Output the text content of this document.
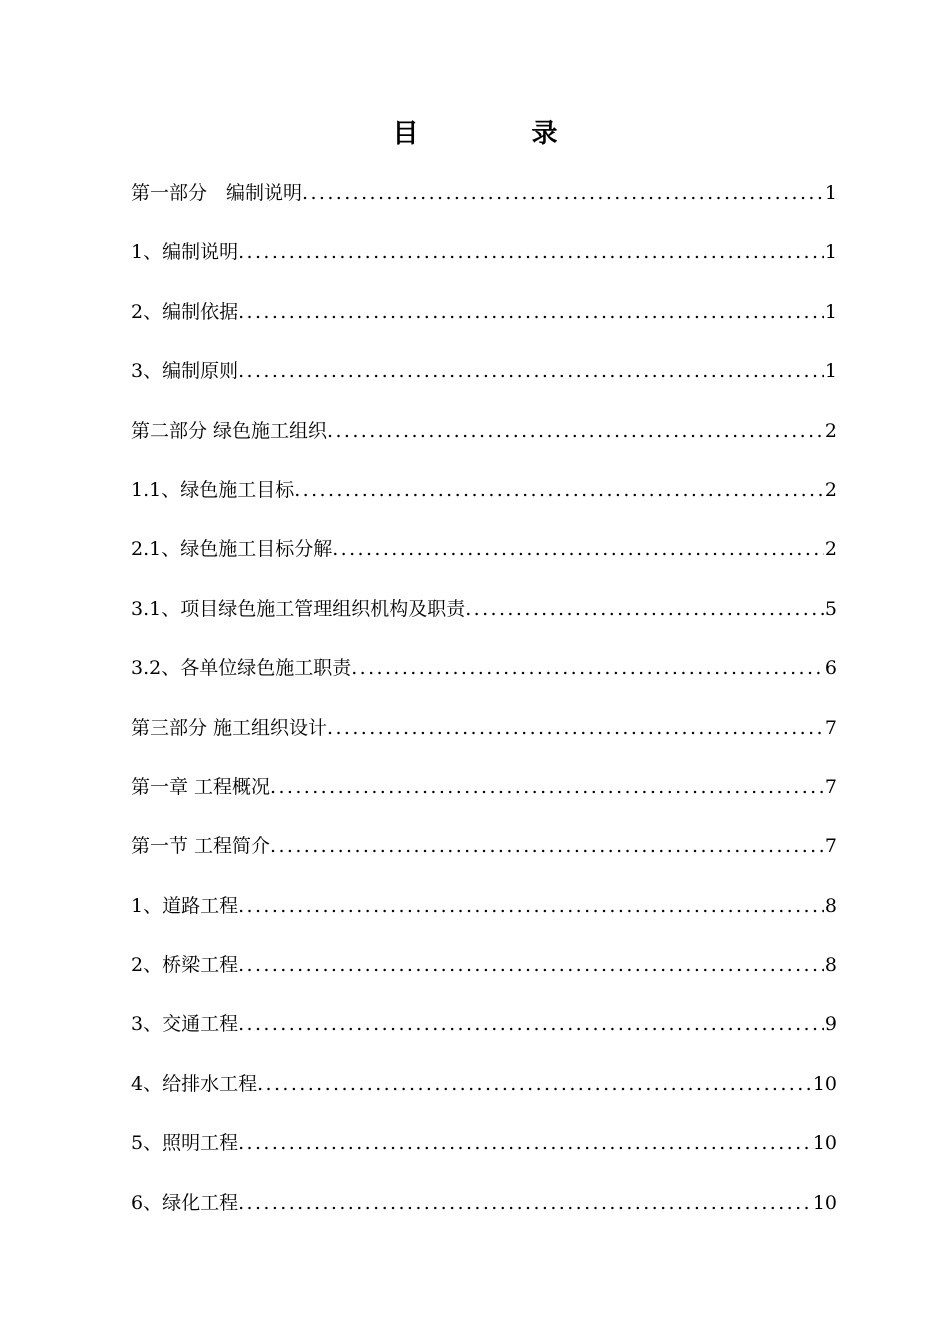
目 录
第一部分　编制说明 .....	1
1、编制说明 .....	1
2、编制依据 .....	1
3、编制原则 .....	1
第二部分 绿色施工组织 .....	2
1.1、绿色施工目标 .....	2
2.1、绿色施工目标分解 .....	2
3.1、项目绿色施工管理组织机构及职责 .....	5
3.2、各单位绿色施工职责 .....	6
第三部分 施工组织设计 .....	7
第一章 工程概况 .....	7
第一节 工程简介 .....	7
1、道路工程 .....	8
2、桥梁工程 .....	8
3、交通工程 .....	9
4、给排水工程 .....	10
5、照明工程 .....	10
6、绿化工程 .....	10
